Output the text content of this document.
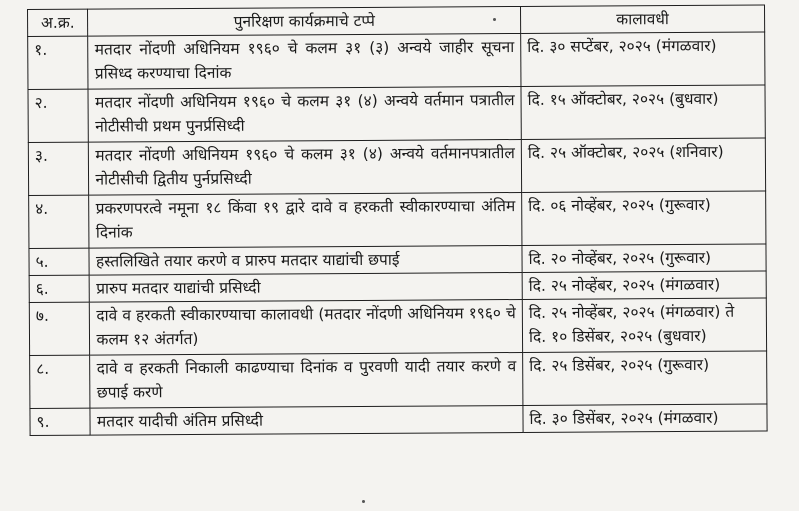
अ.क्र.	पुनरिक्षण कार्यक्रमाचे टप्पे	कालावधी
१.	मतदार नोंदणी अधिनियम १९६० चे कलम ३१ (३) अन्वये जाहीर सूचना प्रसिध्द करण्याचा दिनांक	दि. ३० सप्टेंबर, २०२५ (मंगळवार)

२.	मतदार नोंदणी अधिनियम १९६० चे कलम ३१ (४) अन्वये वर्तमान पत्रातील नोटीसीची प्रथम पुनर्प्रसिध्दी	दि. १५ ऑक्टोबर, २०२५ (बुधवार)

३.	मतदार नोंदणी अधिनियम १९६० चे कलम ३१ (४) अन्वये वर्तमानपत्रातील नोटीसीची द्वितीय पुर्नप्रसिध्दी	दि. २५ ऑक्टोबर, २०२५ (शनिवार)

४.	प्रकरणपरत्वे नमूना १८ किंवा १९ द्वारे दावे व हरकती स्वीकारण्याचा अंतिम दिनांक	दि. ०६ नोव्हेंबर, २०२५ (गुरूवार)

५.	हस्तलिखिते तयार करणे व प्रारुप मतदार याद्यांची छपाई	दि. २० नोव्हेंबर, २०२५ (गुरूवार)

६.	प्रारुप मतदार याद्यांची प्रसिध्दी	दि. २५ नोव्हेंबर, २०२५ (मंगळवार)

७.	दावे व हरकती स्वीकारण्याचा कालावधी (मतदार नोंदणी अधिनियम १९६० चे कलम १२ अंतर्गत)	दि. २५ नोव्हेंबर, २०२५ (मंगळवार) ते
दि. १० डिसेंबर, २०२५ (बुधवार)

८.	दावे व हरकती निकाली काढण्याचा दिनांक व पुरवणी यादी तयार करणे व छपाई करणे	दि. २५ डिसेंबर, २०२५ (गुरूवार)

९.	मतदार यादीची अंतिम प्रसिध्दी	दि. ३० डिसेंबर, २०२५ (मंगळवार)
